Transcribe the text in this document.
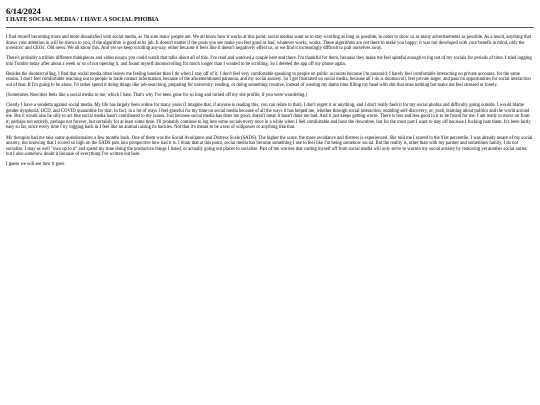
6/14/2024
I HATE SOCIAL MEDIA / I HAVE A SOCIAL PHOBIA

I find myself becoming more and more dissatisfied with social media, as I'm sure many people are. We all know how it works at this point; social medias want us to stay scrolling as long as possible, in order to show us as many advertisements as possible. As a result, anything that draws your attention in will be shown to you, if the algorithm is good at its job. It doesn't matter if the posts you see make you feel good or bad, whatever works, works. These algorithms are not there to make you happy; it was not developed with your benefit in mind, only the investors' and CEOs'. Old news. We all know this. And yet we keep scrolling anyway, either because it feels like it doesn't negatively effect us, or we find it increasingly difficult to pull ourselves away.

There's probably a trillion different thinkpieces and video essays you could watch that talks about all of this. I've read and watched a couple here and there. I'm thankful for them, because they make me feel spiteful enough to log out of my socials for periods of time. I tried logging into Tumblr today after about a week or so of not opening it, and found myself doomscrolling for much longer than I wanted to be scrolling. So I deleted the app off my phone again.

Besides the doomscrolling, I find that social media often leaves me feeling lonelier than I do when I stay off of it. I don't feel very comfortable speaking to people on public accounts because I'm paranoid. I barely feel comfortable interacting on private accounts, for the same reason. I don't feel comfortable reaching out to people to trade contact information, because of the aforementioned paranoia, and my social anxiety. So I get frustrated on social media, because all I do is doomscroll, feel private anger, and pass on opportunities for social interaction out of fear. If I'm going to be alone, I'd rather spend it doing things like job-searching, preparing for university, reading, or doing something creative, instead of wasting my damn time filling my head with shit that does nothing but make me feel stressed or lonely.

(Sometimes Neocities feels like a social media to me, which I hate. That's why I've been gone for so long and turned off my site profile, if you were wondering.)

Clearly I have a vendetta against social media. My life has largely been online for many years (I imagine that, if anyone is reading this, you can relate to that). I don't regret it or anything, and I don't really fault it for my social phobia and difficulty going outside. I would blame gender dysphoria, OCD, and COVID quarantine for that. In fact, in a lot of ways I feel grateful for my time on social media because of all the ways it has helped me, whether through social interaction, enabling self-discovery, or, yeah, learning about politics and the world around me. But it would also be silly to act like social media hasn't contributed to my issues. Just because social media has done me good, doesn't mean it hasn't done me bad. And it just keeps getting worse. There is less and less good in it to be found for me. I am ready to move on from it; perhaps not entirely, perhaps not forever, but certainly for at least some time. I'll probably continue to log into some socials every once in a while when I feel comfortable and have the downtime, but for the most part I want to stay off because I fucking hate them. It's been fairly easy so far, since every time I try logging back in I feel like an animal raising its hackles. Not that it's meant to be a test of willpower or anything like that.

My therapist had me take some questionnaires a few months back. One of them was the Social Avoidance and Distress Scale (SADS). The higher the score, the more avoidance and distress is experienced. She told me I scored in the 91st percentile. I was already aware of my social anxiety, but knowing that I scored so high on the SADS puts into perspective how bad it is. I think that at this point, social media has become something I use to feel like I'm being somehow social. But the reality is, other than with my partner and sometimes family, I do not socialize. I may as well "own up to it" and spend my time doing the productive things I listed, or actually going out places to socialize. Part of me worries that cutting myself off from social media will only serve to worsen my social anxiety by removing yet another social outlet, but I also somehow doubt it because of everything I've written out here.

I guess we will see how it goes.
